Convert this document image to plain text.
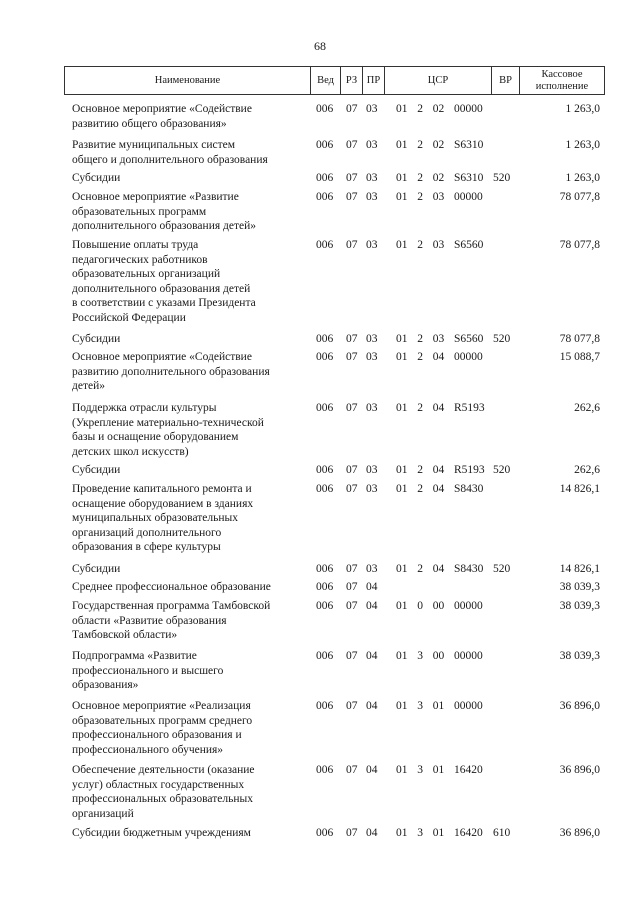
68
Наименование	Вед	РЗ ПР	ЦСР	ВР	Кассовое исполнение
Основное мероприятие «Содействие
развитию общего образования»
006 07 03 01  2  02  00000	1 263,0
Развитие муниципальных систем
общего и дополнительного образования
006 07 03 01  2  02  S6310	1 263,0
Субсидии	006 07 03 01  2  02  S6310 520	1 263,0
Основное мероприятие «Развитие
образовательных программ
дополнительного образования детей»
006 07 03 01  2  03  00000	78 077,8
Повышение оплаты труда
педагогических работников
образовательных организаций
дополнительного образования детей
в соответствии с указами Президента
Российской Федерации
006 07 03 01  2  03  S6560	78 077,8
Субсидии	006 07 03 01  2  03  S6560 520	78 077,8
Основное мероприятие «Содействие
развитию дополнительного образования
детей»
006 07 03 01  2  04  00000	15 088,7
Поддержка отрасли культуры
(Укрепление материально-технической
базы и оснащение оборудованием
детских школ искусств)
006 07 03 01  2  04  R5193	262,6
Субсидии	006 07 03 01  2  04  R5193 520	262,6
Проведение капитального ремонта и
оснащение оборудованием в зданиях
муниципальных образовательных
организаций дополнительного
образования в сфере культуры
006 07 03 01  2  04  S8430	14 826,1
Субсидии	006 07 03 01  2  04  S8430 520	14 826,1
Среднее профессиональное образование	006 07 04	38 039,3
Государственная программа Тамбовской
области «Развитие образования
Тамбовской области»
006 07 04 01  0  00  00000	38 039,3
Подпрограмма «Развитие
профессионального и высшего
образования»
006 07 04 01  3  00  00000	38 039,3
Основное мероприятие «Реализация
образовательных программ среднего
профессионального образования и
профессионального обучения»
006 07 04 01  3  01  00000	36 896,0
Обеспечение деятельности (оказание
услуг) областных государственных
профессиональных образовательных
организаций
006 07 04 01  3  01  16420	36 896,0
Субсидии бюджетным учреждениям	006 07 04 01  3  01  16420 610	36 896,0
